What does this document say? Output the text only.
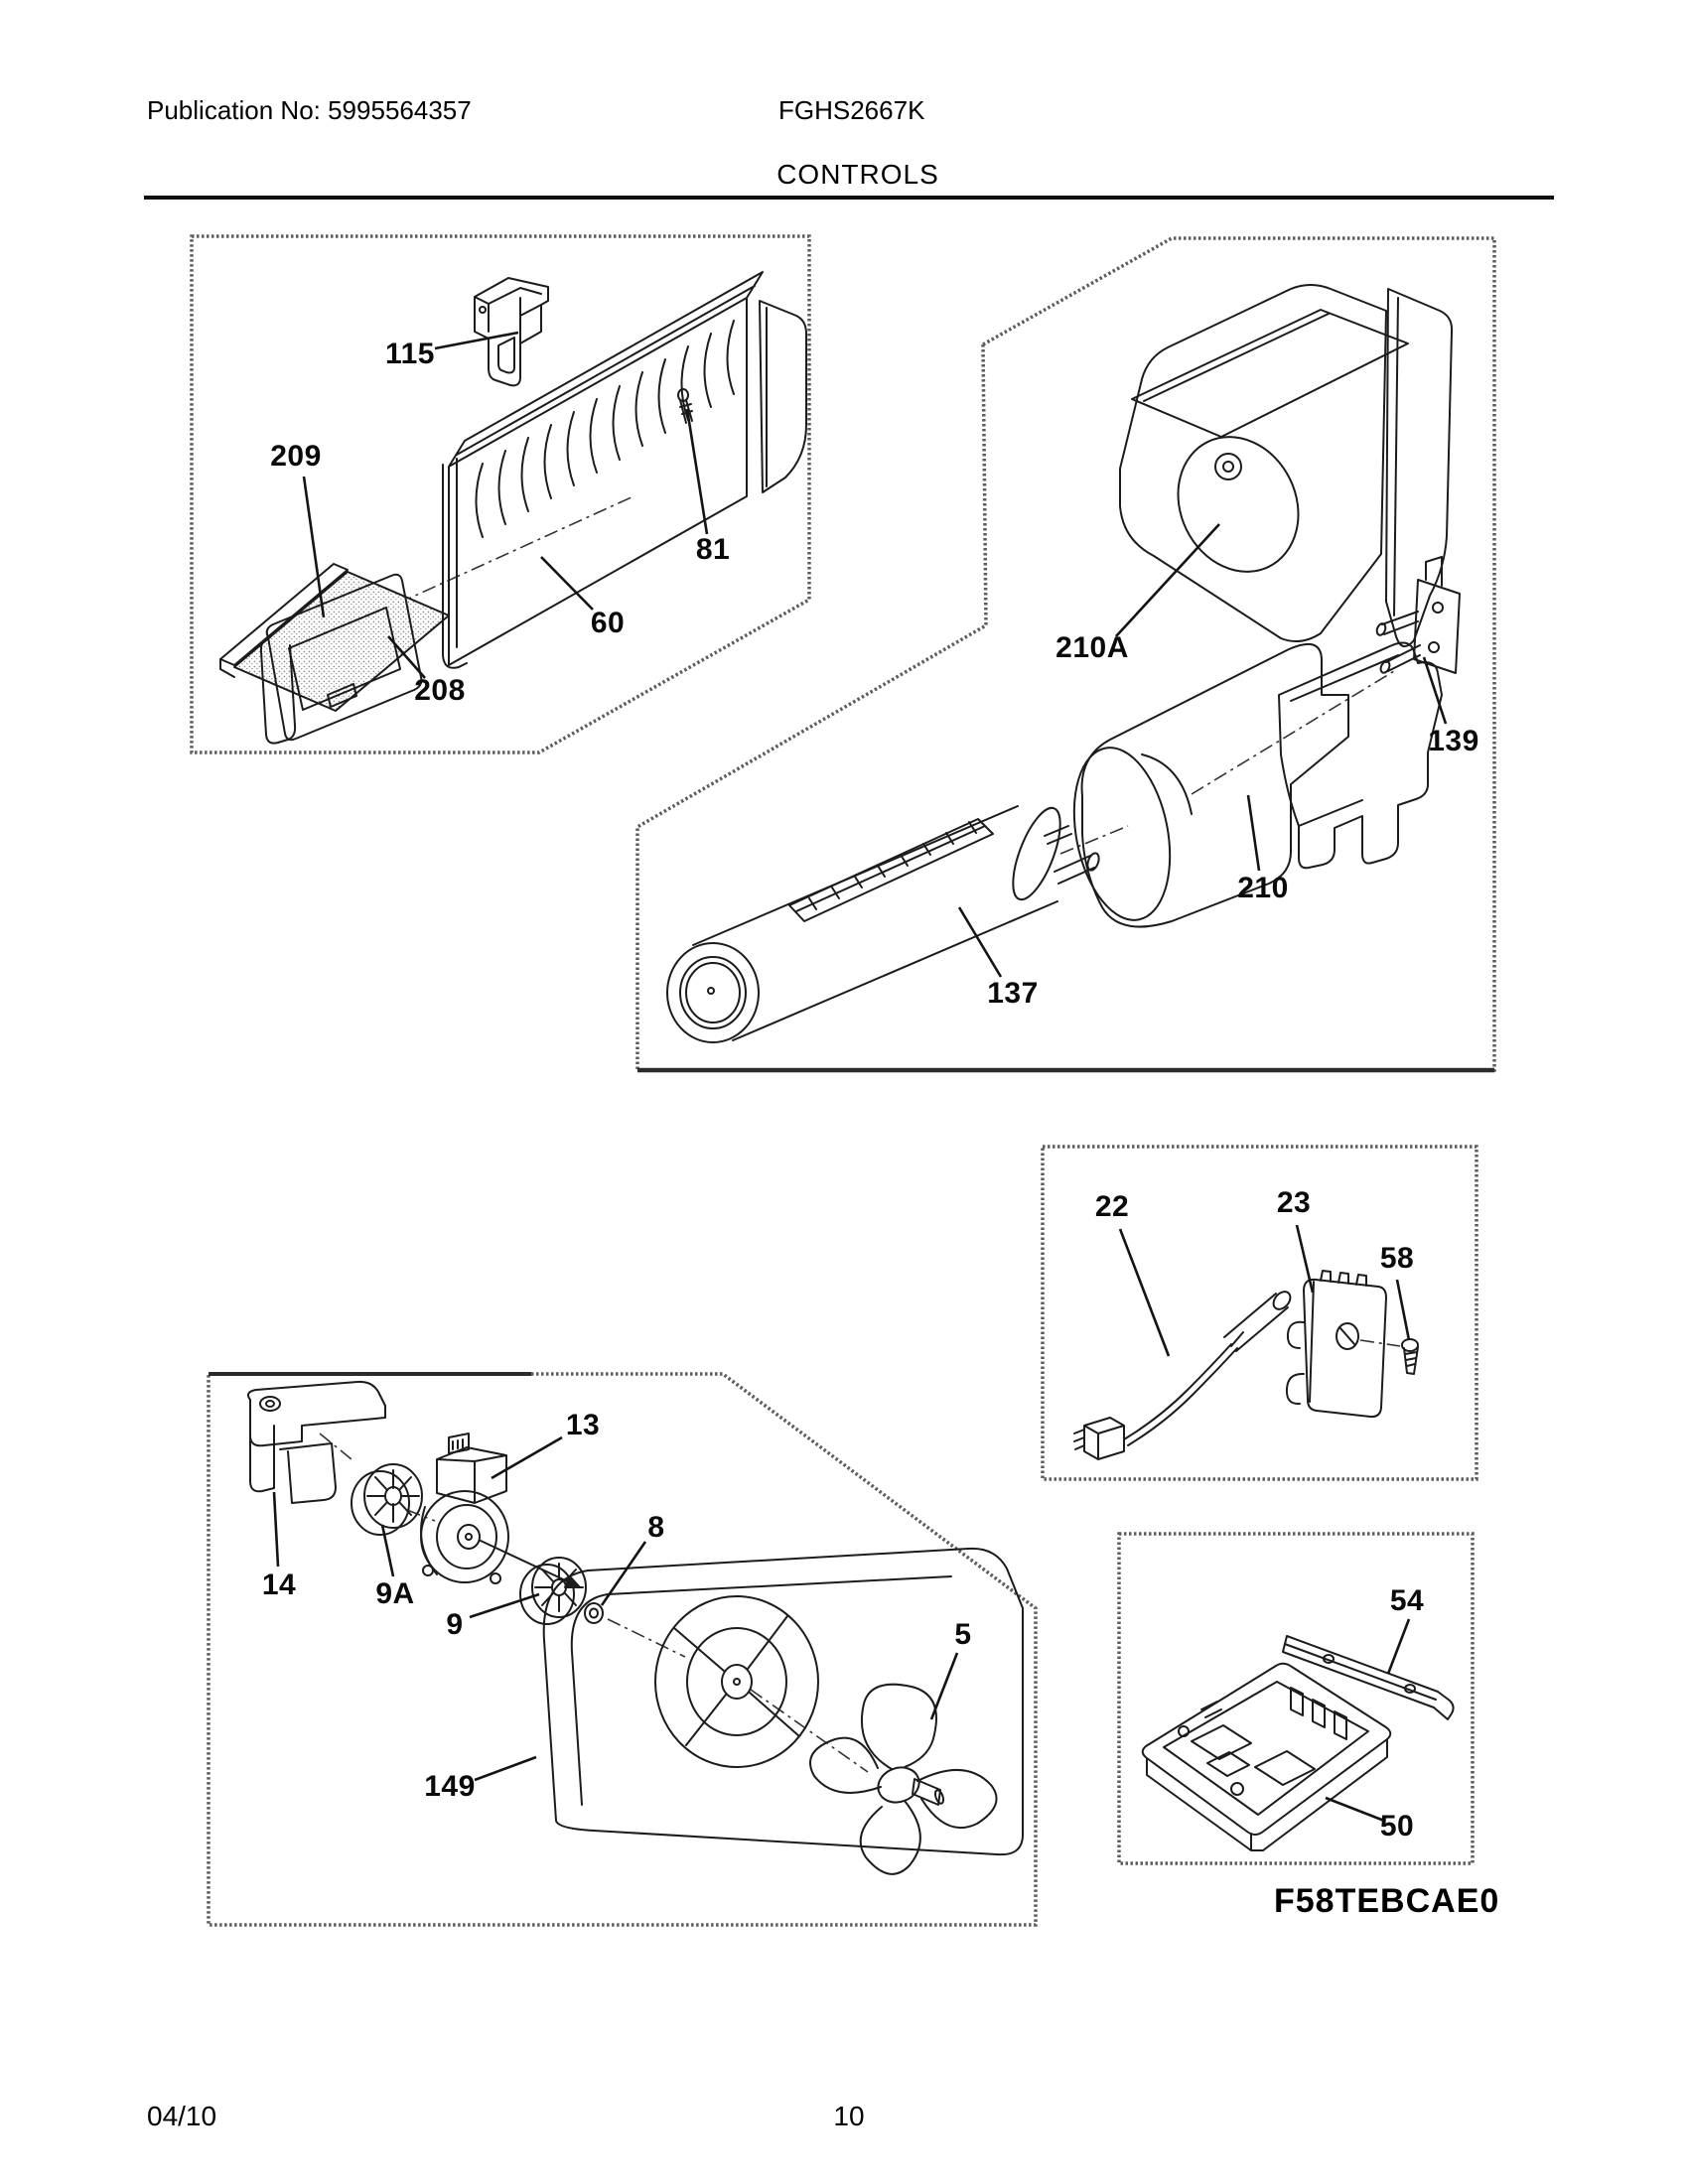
Publication No: 5995564357	FGHS2667K
CONTROLS
115
209
81
60
208
210A
139
210
137
22	23
58
13
14	9A
9
8
5
149
54
50
F58TEBCAE0
04/10	10
